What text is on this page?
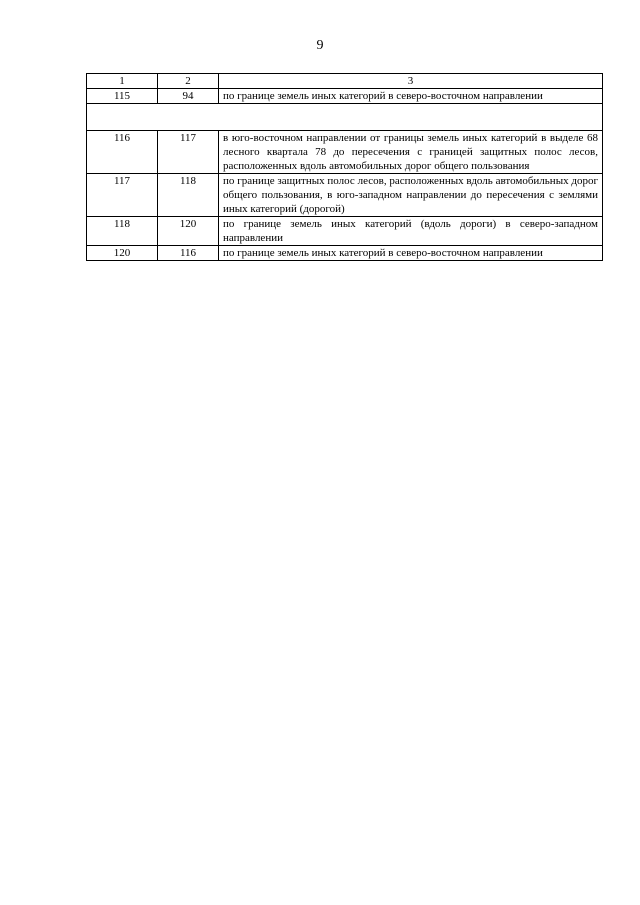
9
1	2	3
115	94	по границе земель иных категорий в северо-восточном направлении

116	117	в юго-восточном направлении от границы земель иных категорий в выделе 68 лесного квартала 78 до пересечения с границей защитных полос лесов, расположенных вдоль автомобильных дорог общего пользования
117	118	по границе защитных полос лесов, расположенных вдоль автомобильных дорог общего пользования, в юго-западном направлении до пересечения с землями иных категорий (дорогой)
118	120	по границе земель иных категорий (вдоль дороги) в северо-западном направлении
120	116	по границе земель иных категорий в северо-восточном направлении
